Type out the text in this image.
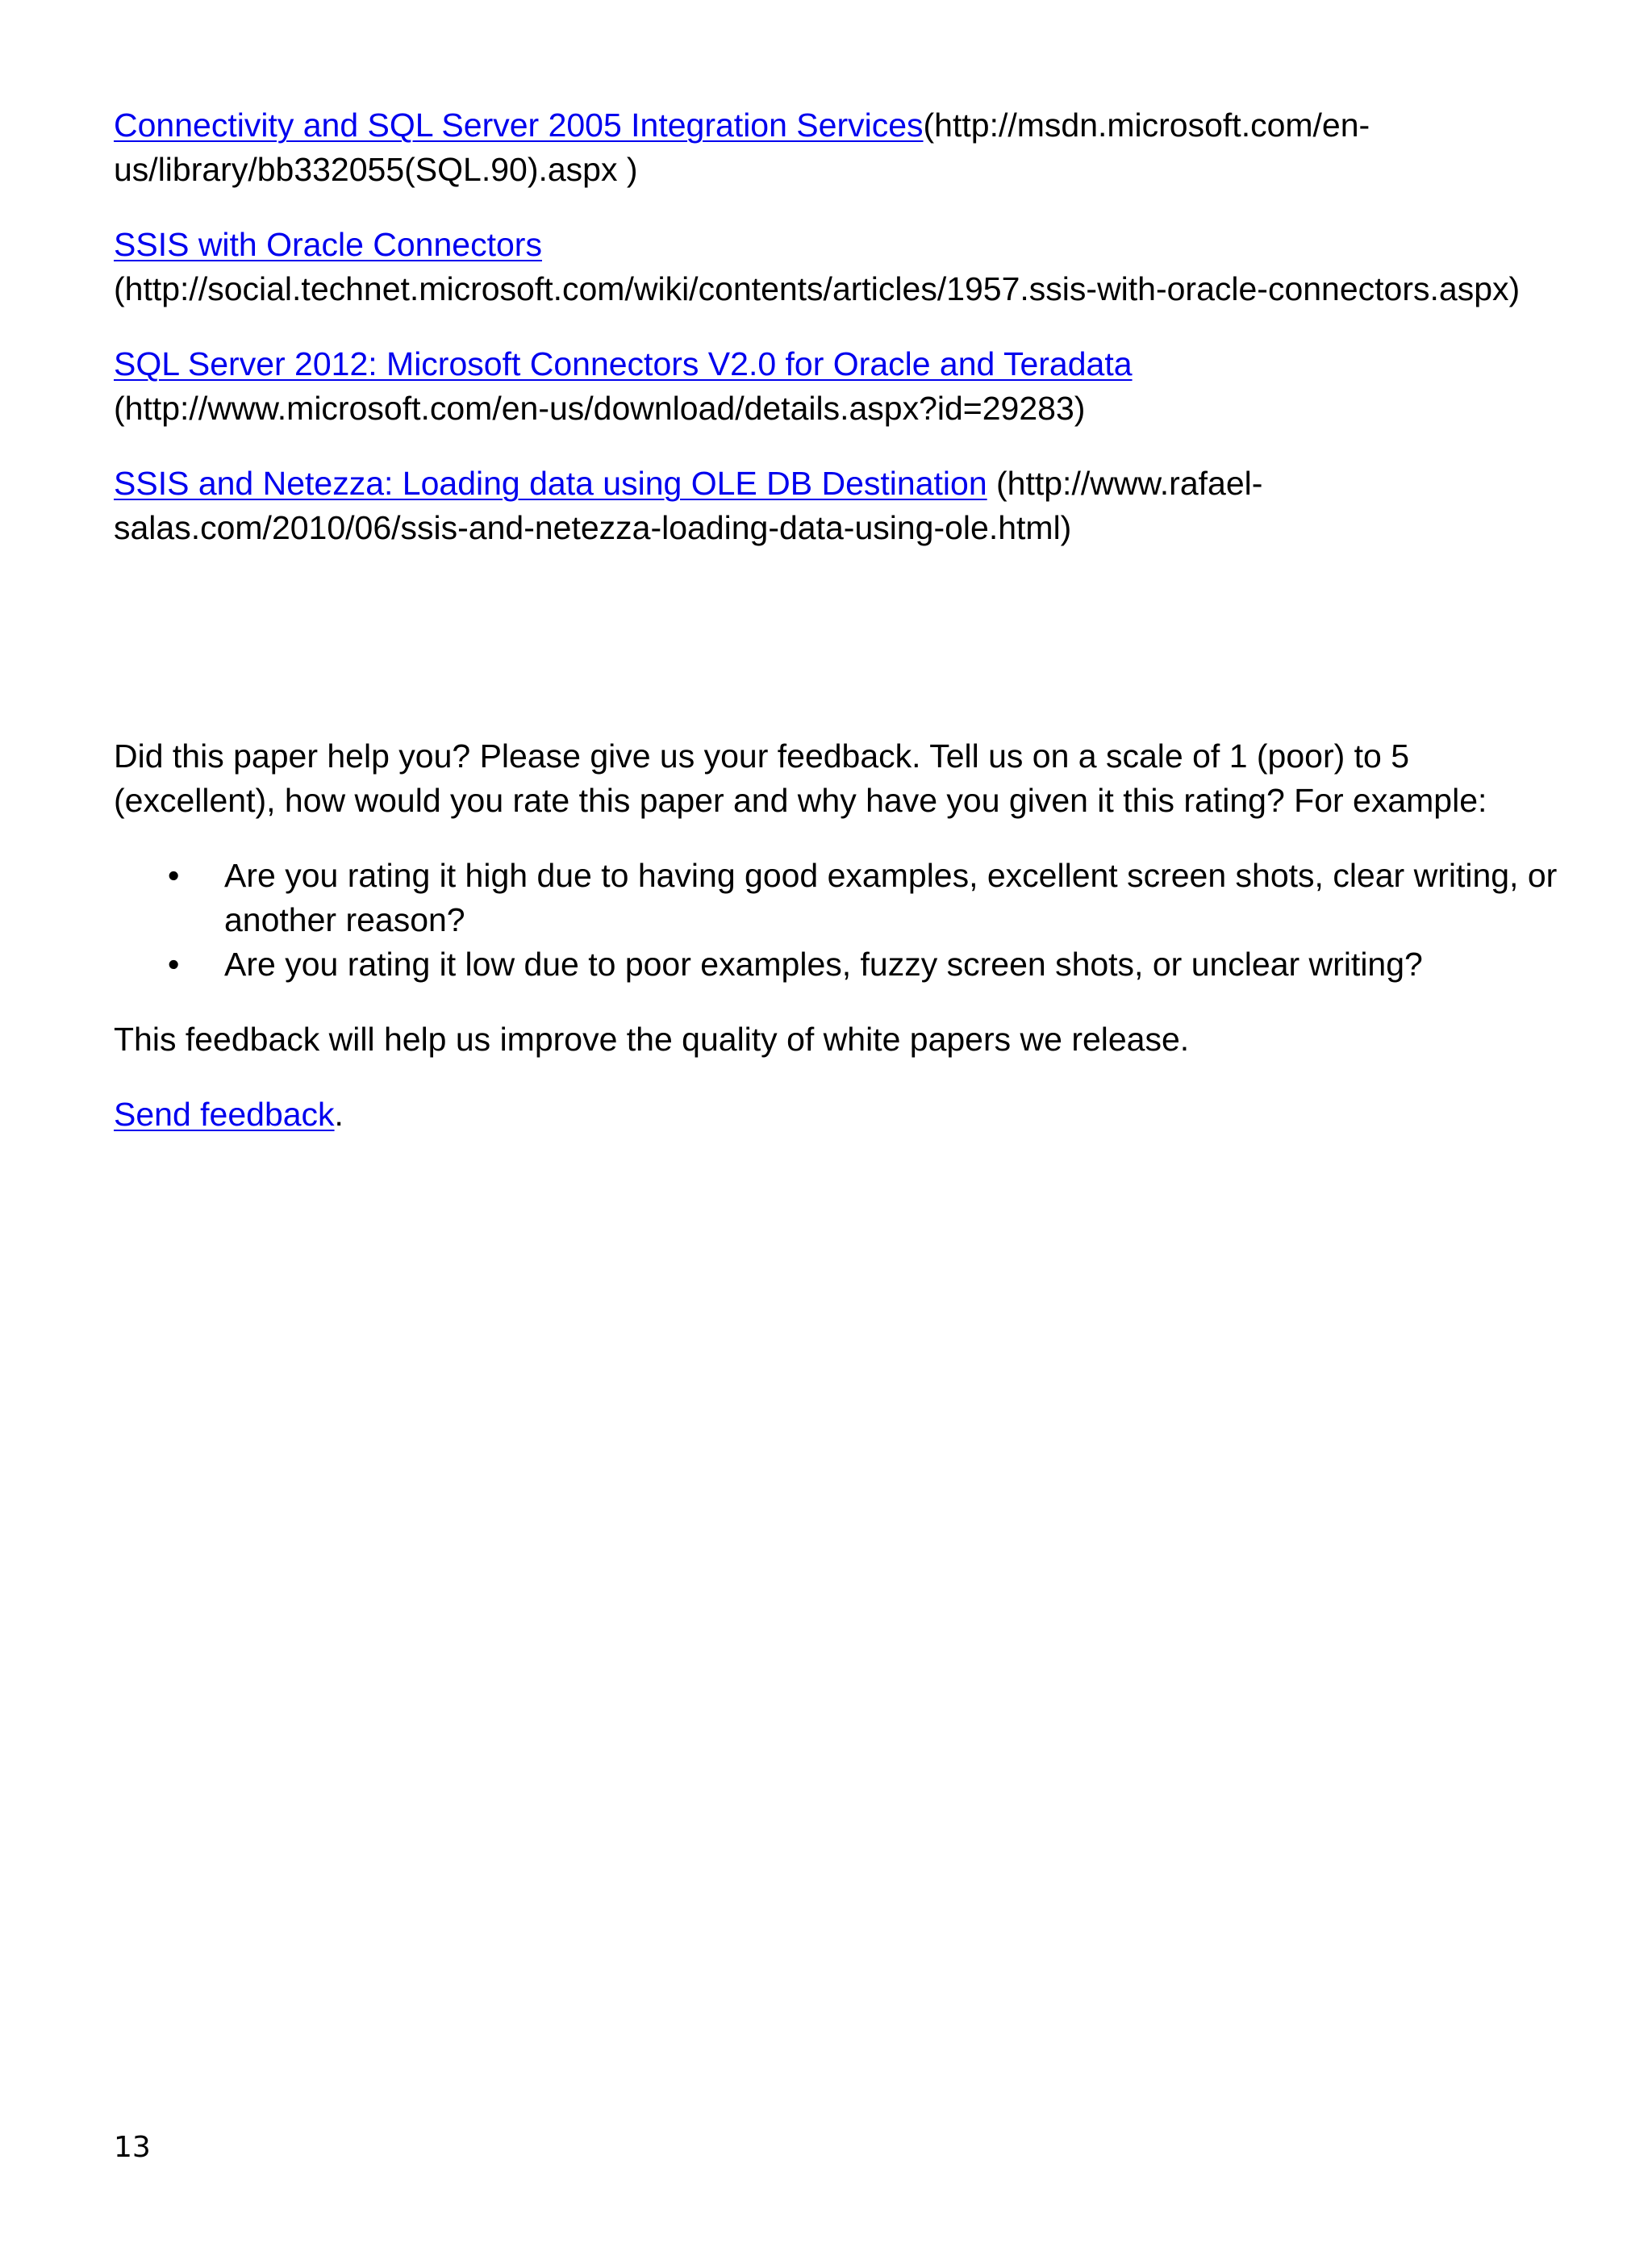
Connectivity and SQL Server 2005 Integration Services(http://msdn.microsoft.com/en-us/library/bb332055(SQL.90).aspx )

SSIS with Oracle Connectors
(http://social.technet.microsoft.com/wiki/contents/articles/1957.ssis-with-oracle-connectors.aspx)

SQL Server 2012: Microsoft Connectors V2.0 for Oracle and Teradata
(http://www.microsoft.com/en-us/download/details.aspx?id=29283)

SSIS and Netezza: Loading data using OLE DB Destination (http://www.rafael-salas.com/2010/06/ssis-and-netezza-loading-data-using-ole.html)

Did this paper help you? Please give us your feedback. Tell us on a scale of 1 (poor) to 5 (excellent), how would you rate this paper and why have you given it this rating? For example:

• Are you rating it high due to having good examples, excellent screen shots, clear writing, or another reason?
• Are you rating it low due to poor examples, fuzzy screen shots, or unclear writing?

This feedback will help us improve the quality of white papers we release.

Send feedback.

13
